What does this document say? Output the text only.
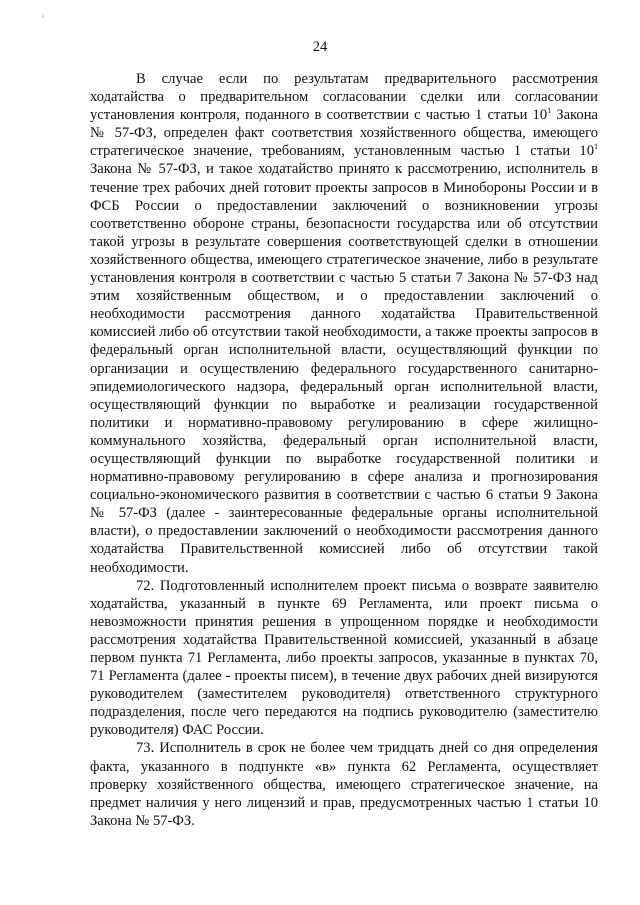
ˣ
24

В случае если по результатам предварительного рассмотрения ходатайства о предварительном согласовании сделки или согласовании установления контроля, поданного в соответствии с частью 1 статьи $10^1$ Закона № 57-ФЗ, определен факт соответствия хозяйственного общества, имеющего стратегическое значение, требованиям, установленным частью 1 статьи $10^1$ Закона № 57-ФЗ, и такое ходатайство принято к рассмотрению, исполнитель в течение трех рабочих дней готовит проекты запросов в Минобороны России и в ФСБ России о предоставлении заключений о возникновении угрозы соответственно обороне страны, безопасности государства или об отсутствии такой угрозы в результате совершения соответствующей сделки в отношении хозяйственного общества, имеющего стратегическое значение, либо в результате установления контроля в соответствии с частью 5 статьи 7 Закона № 57-ФЗ над этим хозяйственным обществом, и о предоставлении заключений о необходимости рассмотрения данного ходатайства Правительственной комиссией либо об отсутствии такой необходимости, а также проекты запросов в федеральный орган исполнительной власти, осуществляющий функции по организации и осуществлению федерального государственного санитарно-эпидемиологического надзора, федеральный орган исполнительной власти, осуществляющий функции по выработке и реализации государственной политики и нормативно-правовому регулированию в сфере жилищно-коммунального хозяйства, федеральный орган исполнительной власти, осуществляющий функции по выработке государственной политики и нормативно-правовому регулированию в сфере анализа и прогнозирования социально-экономического развития в соответствии с частью 6 статьи 9 Закона № 57-ФЗ (далее - заинтересованные федеральные органы исполнительной власти), о предоставлении заключений о необходимости рассмотрения данного ходатайства Правительственной комиссией либо об отсутствии такой необходимости.

72. Подготовленный исполнителем проект письма о возврате заявителю ходатайства, указанный в пункте 69 Регламента, или проект письма о невозможности принятия решения в упрощенном порядке и необходимости рассмотрения ходатайства Правительственной комиссией, указанный в абзаце первом пункта 71 Регламента, либо проекты запросов, указанные в пунктах 70, 71 Регламента (далее - проекты писем), в течение двух рабочих дней визируются руководителем (заместителем руководителя) ответственного структурного подразделения, после чего передаются на подпись руководителю (заместителю руководителя) ФАС России.

73. Исполнитель в срок не более чем тридцать дней со дня определения факта, указанного в подпункте «в» пункта 62 Регламента, осуществляет проверку хозяйственного общества, имеющего стратегическое значение, на предмет наличия у него лицензий и прав, предусмотренных частью 1 статьи 10 Закона № 57-ФЗ.
